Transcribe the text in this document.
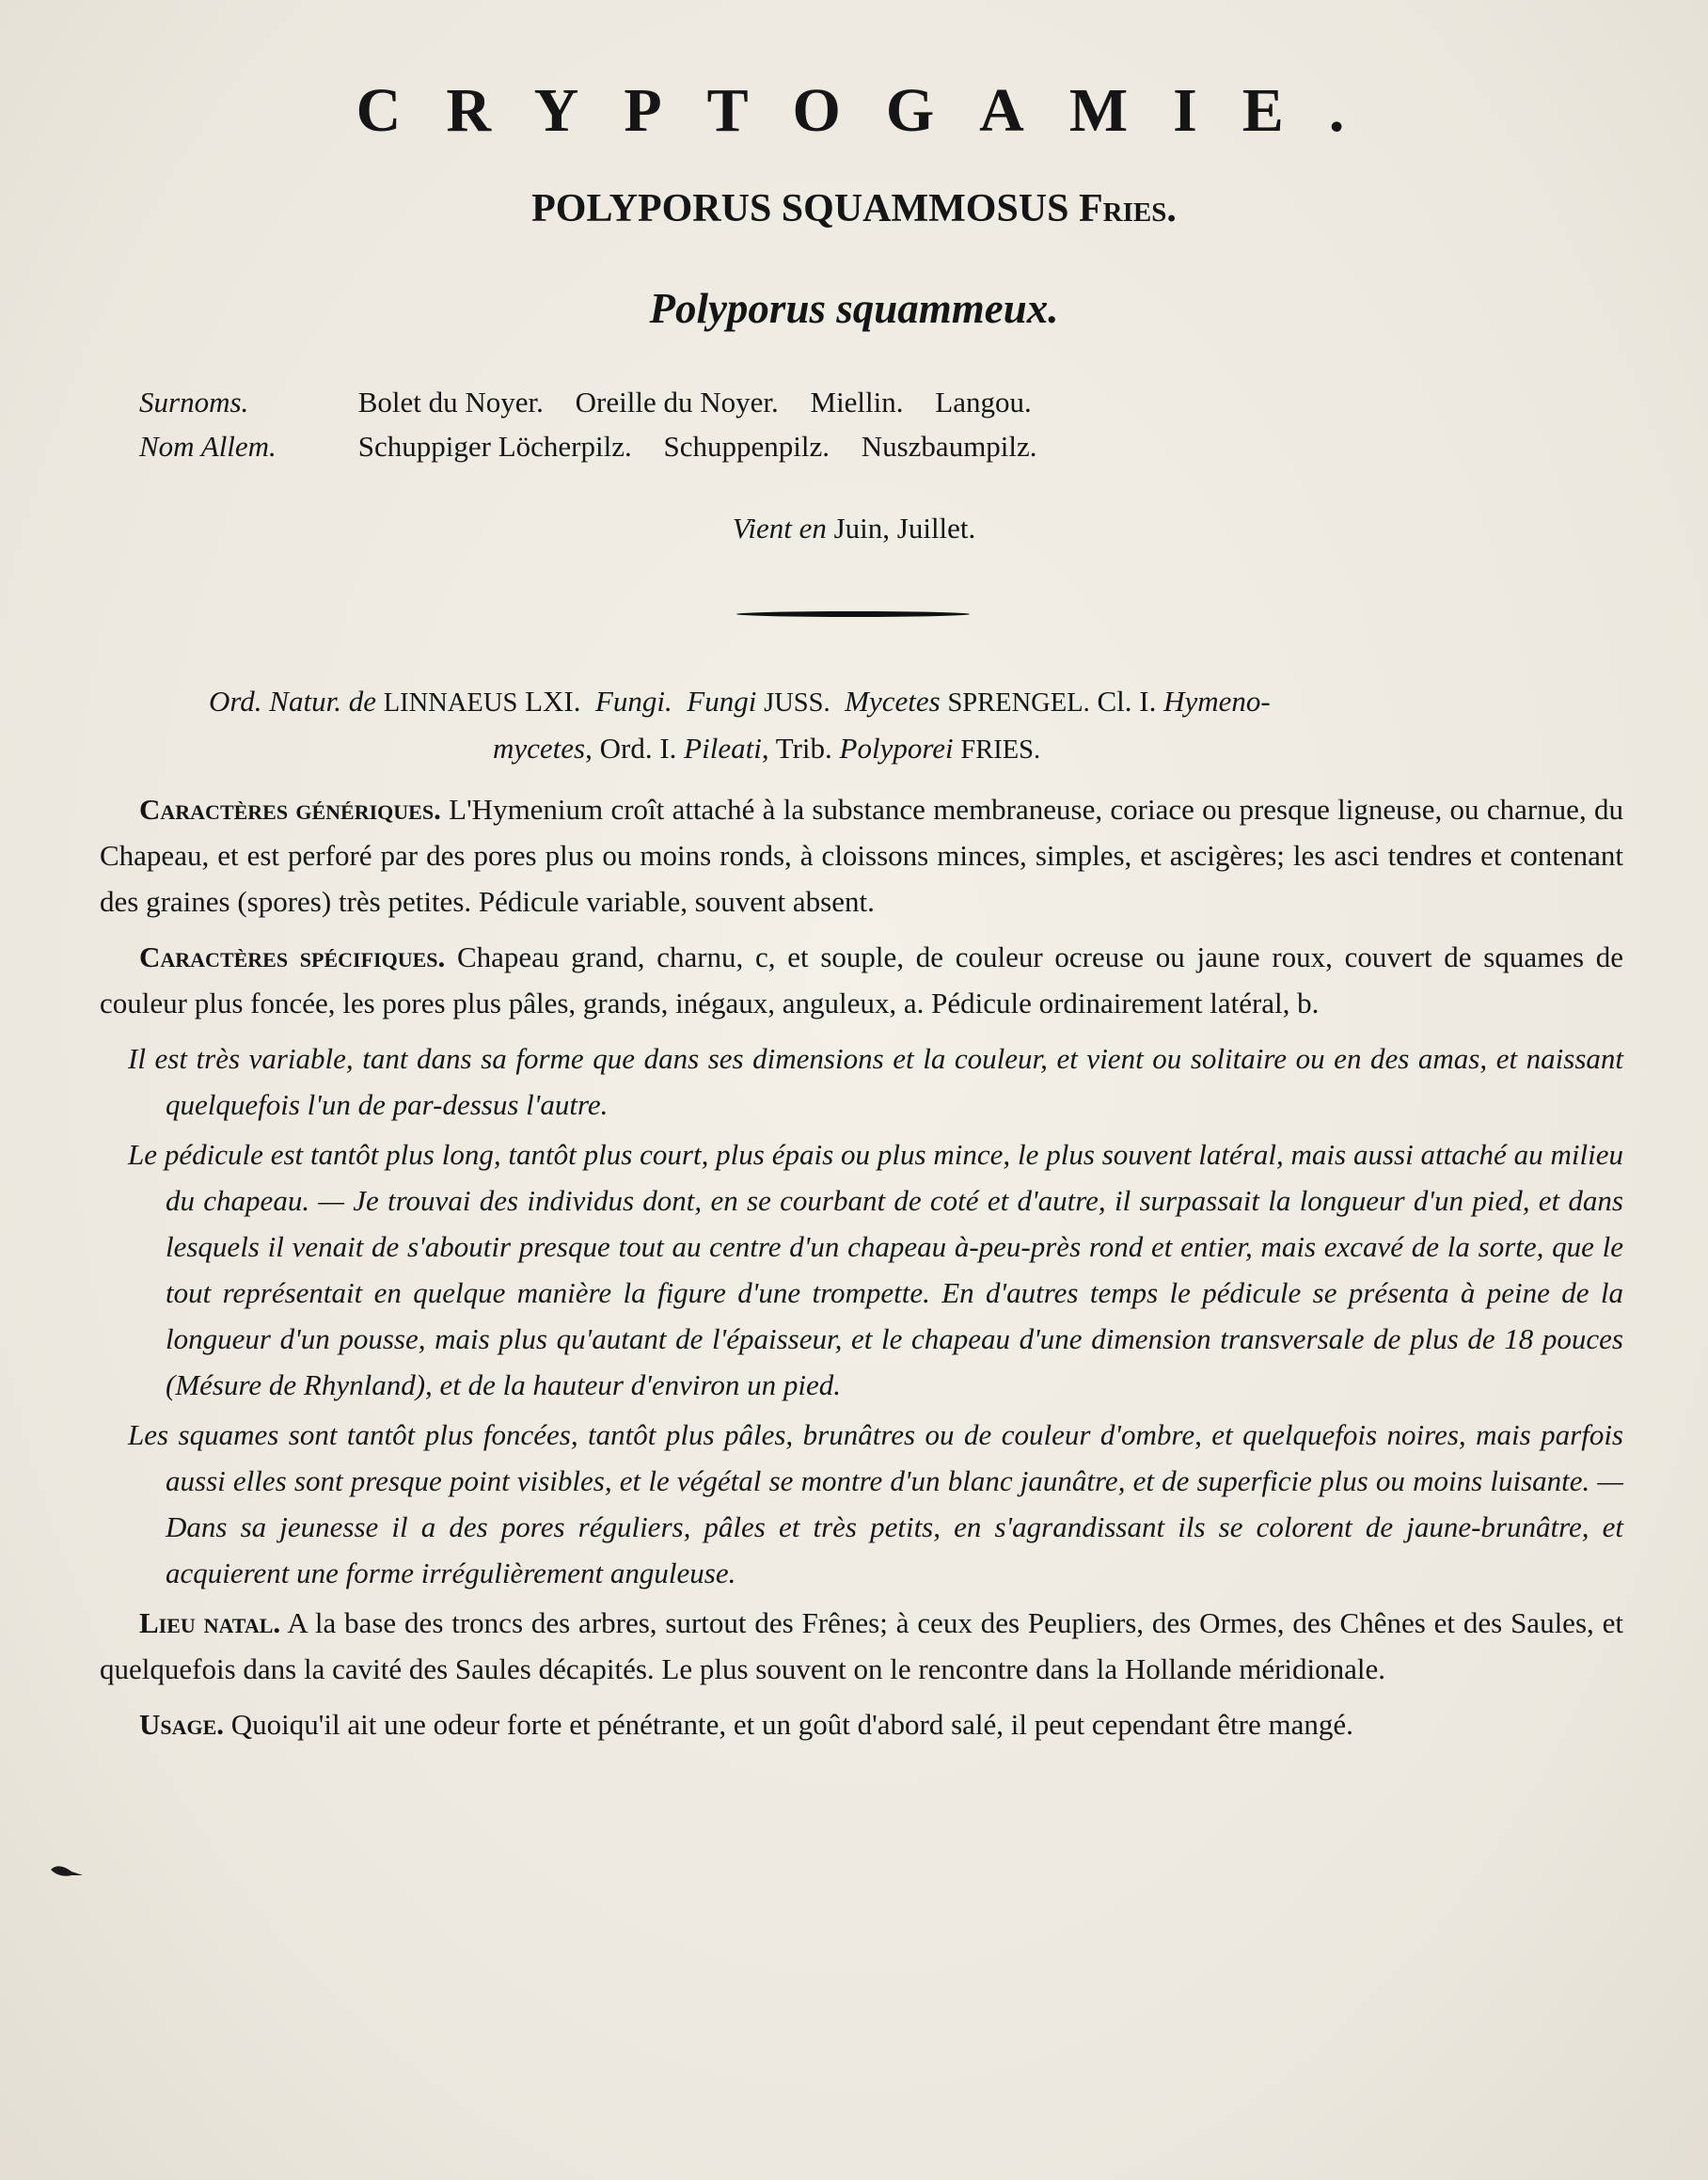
CRYPTOGAMIE.
POLYPORUS SQUAMMOSUS Fries.
Polyporus squammeux.
Surnoms.	Bolet du Noyer. Oreille du Noyer. Miellin. Langou.
Nom Allem.	Schuppiger Löcherpilz. Schuppenpilz. Nuszbaumpilz.
Vient en Juin, Juillet.
Ord. Natur. de LINNAEUS LXI. Fungi. Fungi JUSS. Mycetes SPRENGEL. Cl. I. Hymeno-
mycetes, Ord. I. Pileati, Trib. Polyporei FRIES.

Caractères génériques. L'Hymenium croît attaché à la substance membraneuse, coriace ou presque ligneuse, ou charnue, du Chapeau, et est perforé par des pores plus ou moins ronds, à cloissons minces, simples, et ascigères; les asci tendres et contenant des graines (spores) très petites. Pédicule variable, souvent absent.

Caractères spécifiques. Chapeau grand, charnu, c, et souple, de couleur ocreuse ou jaune roux, couvert de squames de couleur plus foncée, les pores plus pâles, grands, inégaux, anguleux, a. Pédicule ordinairement latéral, b.

Il est très variable, tant dans sa forme que dans ses dimensions et la couleur, et vient ou solitaire ou en des amas, et naissant quelquefois l'un de par-dessus l'autre.

Le pédicule est tantôt plus long, tantôt plus court, plus épais ou plus mince, le plus souvent latéral, mais aussi attaché au milieu du chapeau. — Je trouvai des individus dont, en se courbant de coté et d'autre, il surpassait la longueur d'un pied, et dans lesquels il venait de s'aboutir presque tout au centre d'un chapeau à-peu-près rond et entier, mais excavé de la sorte, que le tout représentait en quelque manière la figure d'une trompette. En d'autres temps le pédicule se présenta à peine de la longueur d'un pousse, mais plus qu'autant de l'épaisseur, et le chapeau d'une dimension transversale de plus de 18 pouces (Mésure de Rhynland), et de la hauteur d'environ un pied.

Les squames sont tantôt plus foncées, tantôt plus pâles, brunâtres ou de couleur d'ombre, et quelquefois noires, mais parfois aussi elles sont presque point visibles, et le végétal se montre d'un blanc jaunâtre, et de superficie plus ou moins luisante. — Dans sa jeunesse il a des pores réguliers, pâles et très petits, en s'agrandissant ils se colorent de jaune-brunâtre, et acquierent une forme irrégulièrement anguleuse.

Lieu natal. A la base des troncs des arbres, surtout des Frênes; à ceux des Peupliers, des Ormes, des Chênes et des Saules, et quelquefois dans la cavité des Saules décapités. Le plus souvent on le rencontre dans la Hollande méridionale.

Usage. Quoiqu'il ait une odeur forte et pénétrante, et un goût d'abord salé, il peut cependant être mangé.
